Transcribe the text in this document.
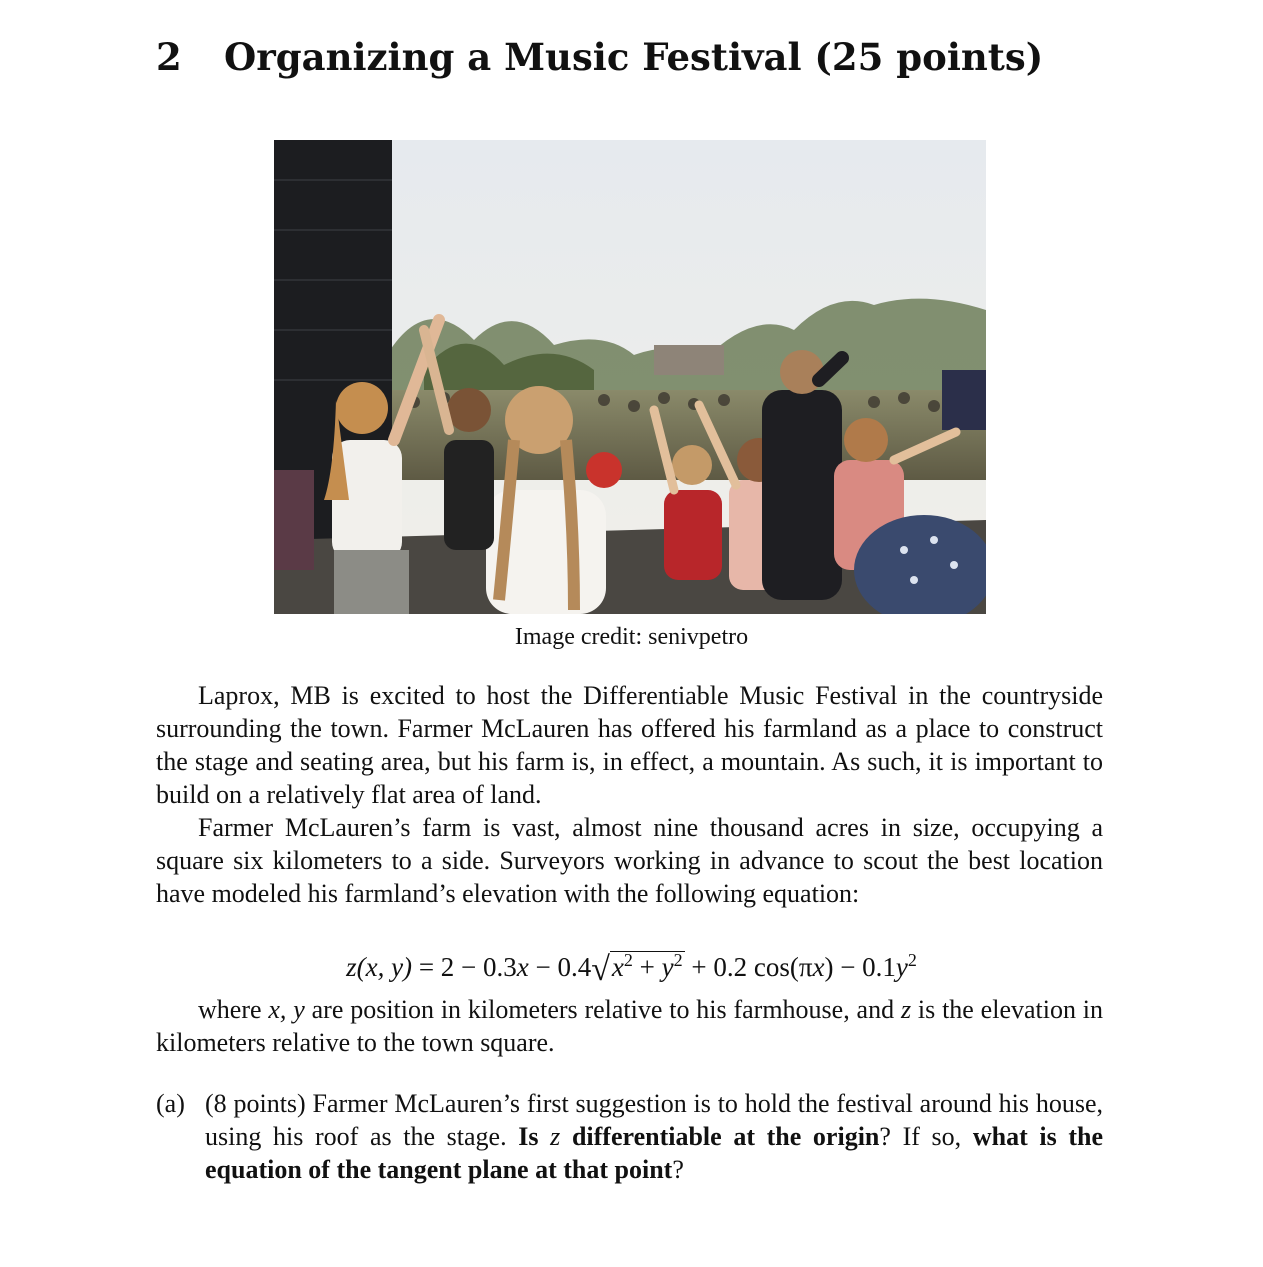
2 Organizing a Music Festival (25 points)
Image credit: senivpetro

Laprox, MB is excited to host the Differentiable Music Festival in the countryside surrounding the town. Farmer McLauren has offered his farmland as a place to construct the stage and seating area, but his farm is, in effect, a mountain. As such, it is important to build on a relatively flat area of land.

Farmer McLauren’s farm is vast, almost nine thousand acres in size, occupying a square six kilometers to a side. Surveyors working in advance to scout the best location have modeled his farmland’s elevation with the following equation:

z(x, $y) = 2 - 0.3x - 0.4√x^2 + y^2 + 0.2$ $\cos(\pi x) - 0.1y^2$

where x, y are position in kilometers relative to his farmhouse, and z is the elevation in kilometers relative to the town square.

(a) (8 points) Farmer McLauren’s first suggestion is to hold the festival around his house, using his roof as the stage. Is z differentiable at the origin? If so, what is the equation of the tangent plane at that point?
